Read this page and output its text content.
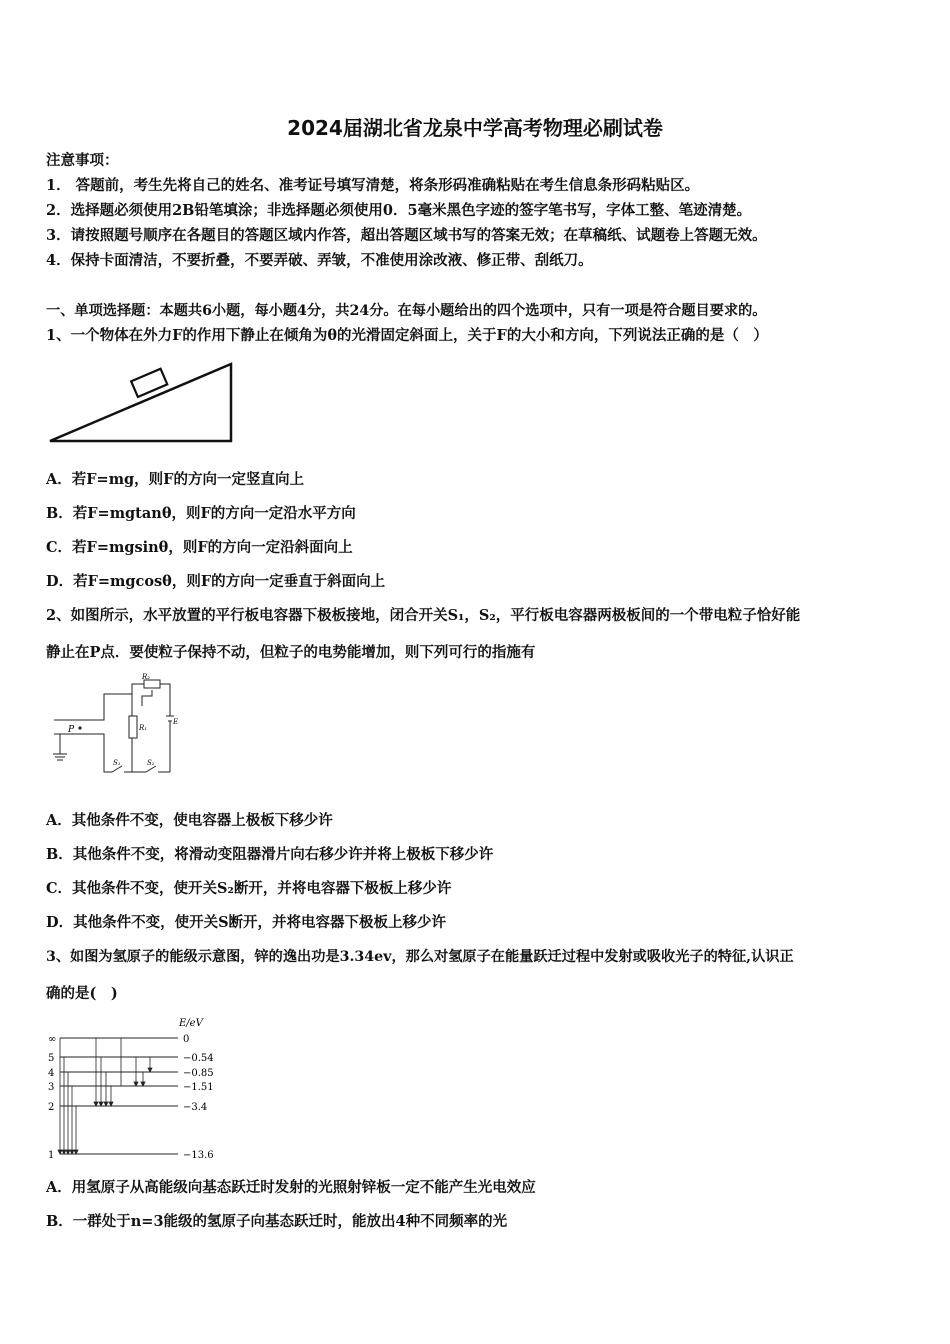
2024届湖北省龙泉中学高考物理必刷试卷
注意事项：
1． 答题前，考生先将自己的姓名、准考证号填写清楚，将条形码准确粘贴在考生信息条形码粘贴区。
2．选择题必须使用2B铅笔填涂；非选择题必须使用0．5毫米黑色字迹的签字笔书写，字体工整、笔迹清楚。
3．请按照题号顺序在各题目的答题区域内作答，超出答题区域书写的答案无效；在草稿纸、试题卷上答题无效。
4．保持卡面清洁，不要折叠，不要弄破、弄皱，不准使用涂改液、修正带、刮纸刀。
一、单项选择题：本题共6小题，每小题4分，共24分。在每小题给出的四个选项中，只有一项是符合题目要求的。
1、一个物体在外力F的作用下静止在倾角为θ的光滑固定斜面上，关于F的大小和方向，下列说法正确的是（　）
A．若F=mg，则F的方向一定竖直向上
B．若F=mgtanθ，则F的方向一定沿水平方向
C．若F=mgsinθ，则F的方向一定沿斜面向上
D．若F=mgcosθ，则F的方向一定垂直于斜面向上
2、如图所示，水平放置的平行板电容器下极板接地，闭合开关S₁，S₂，平行板电容器两极板间的一个带电粒子恰好能
静止在P点．要使粒子保持不动，但粒子的电势能增加，则下列可行的指施有
P
R₂
R₁
E
S₁	S₂
A．其他条件不变，使电容器上极板下移少许
B．其他条件不变，将滑动变阻器滑片向右移少许并将上极板下移少许
C．其他条件不变，使开关S₂断开，并将电容器下极板上移少许
D．其他条件不变，使开关S断开，并将电容器下极板上移少许
3、如图为氢原子的能级示意图，锌的逸出功是3.34ev，那么对氢原子在能量跃迁过程中发射或吸收光子的特征,认识正
确的是(　)
E/eV
∞
5
4
3
2
1
0
−0.54
−0.85
−1.51
−3.4
−13.6
A．用氢原子从高能级向基态跃迁时发射的光照射锌板一定不能产生光电效应
B．一群处于n=3能级的氢原子向基态跃迁时，能放出4种不同频率的光
